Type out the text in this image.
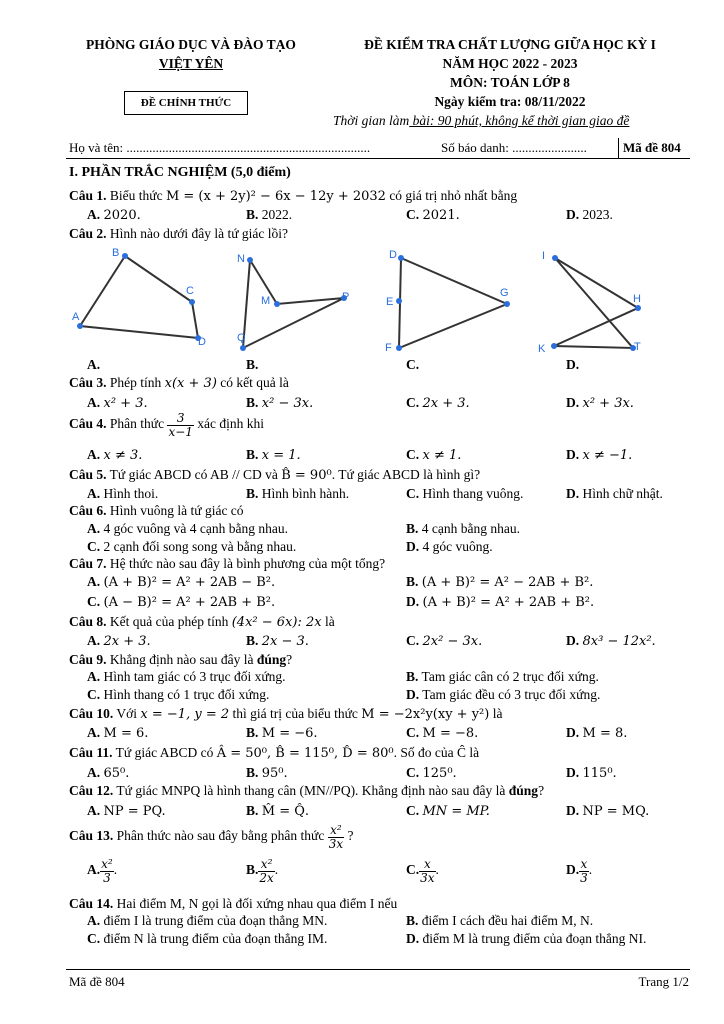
PHÒNG GIÁO DỤC VÀ ĐÀO TẠO
VIỆT YÊN
ĐỀ CHÍNH THỨC
ĐỀ KIỂM TRA CHẤT LƯỢNG GIỮA HỌC KỲ I
NĂM HỌC 2022 - 2023
MÔN: TOÁN LỚP 8
Ngày kiểm tra: 08/11/2022
Thời gian làm bài: 90 phút, không kể thời gian giao đề
Họ và tên: ...........................................................................	Số báo danh: .......................	Mã đề 804
I. PHẦN TRẮC NGHIỆM (5,0 điểm)
Câu 1. Biểu thức M = (x + 2y)² − 6x − 12y + 2032 có giá trị nhỏ nhất bằng
A. 2020.	B. 2022.	C. 2021.	D. 2023.
Câu 2. Hình nào dưới đây là tứ giác lồi?
B
C
A
D
N
M	P
Q
D
E
G
F
I
H
K	T
A.	B.	C.	D.
Câu 3. Phép tính x(x + 3) có kết quả là
A. x² + 3.	B. x² − 3x.	C. 2x + 3.	D. x² + 3x.
Câu 4. Phân thức $\frac{3}{x-1}$ xác định khi
A. x ≠ 3.	B. x = 1.	C. x ≠ 1.	D. x ≠ −1.
Câu 5. Tứ giác ABCD có AB // CD và B̂ = 90⁰. Tứ giác ABCD là hình gì?
A. Hình thoi.	B. Hình bình hành.	C. Hình thang vuông.	D. Hình chữ nhật.
Câu 6. Hình vuông là tứ giác có
A. 4 góc vuông và 4 cạnh bằng nhau.	B. 4 cạnh bằng nhau.
C. 2 cạnh đối song song và bằng nhau.	D. 4 góc vuông.
Câu 7. Hệ thức nào sau đây là bình phương của một tổng?
A. (A + B)² = A² + 2AB − B².	B. (A + B)² = A² − 2AB + B².
C. (A − B)² = A² + 2AB + B².	D. (A + B)² = A² + 2AB + B².
Câu 8. Kết quả của phép tính (4x² − 6x): 2x là
A. 2x + 3.	B. 2x − 3.	C. 2x² − 3x.	D. 8x³ − 12x².
Câu 9. Khẳng định nào sau đây là đúng?
A. Hình tam giác có 3 trục đối xứng.	B. Tam giác cân có 2 trục đối xứng.
C. Hình thang có 1 trục đối xứng.	D. Tam giác đều có 3 trục đối xứng.
Câu 10. Với x = −1, y = 2 thì giá trị của biểu thức M = −2x²y(xy + y²) là
A. M = 6.	B. M = −6.	C. M = −8.	D. M = 8.
Câu 11. Tứ giác ABCD có Â = 50⁰, B̂ = 115⁰, D̂ = 80⁰. Số đo của Ĉ là
A. 65⁰.	B. 95⁰.	C. 125⁰.	D. 115⁰.
Câu 12. Tứ giác MNPQ là hình thang cân (MN//PQ). Khẳng định nào sau đây là đúng?
A. NP = PQ.	B. M̂ = Q̂.	C. MN = MP.	D. NP = MQ.
Câu 13. Phân thức nào sau đây bằng phân thức $\frac{\text{x²}}{3x}$ ?
A. $\frac{\text{x²}}{3}$ .	B. $\frac{\text{x²}}{2x}$ .	C. $\frac{x}{3x}$ .	D. $\frac{x}{3}$ .
Câu 14. Hai điểm M, N gọi là đối xứng nhau qua điểm I nếu
A. điểm I là trung điểm của đoạn thẳng MN.	B. điểm I cách đều hai điểm M, N.
C. điểm N là trung điểm của đoạn thẳng IM.	D. điểm M là trung điểm của đoạn thẳng NI.
Mã đề 804	Trang 1/2
